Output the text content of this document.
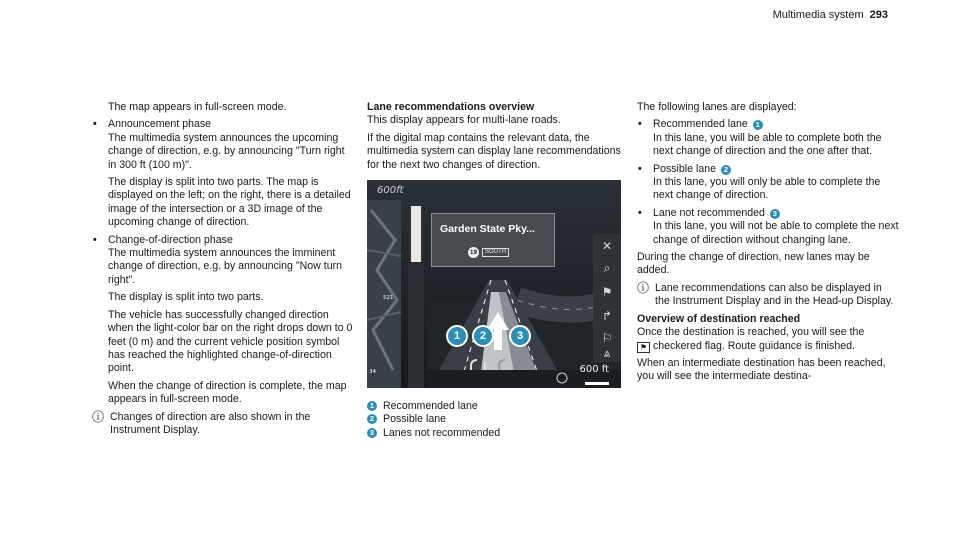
Multimedia system 293

The map appears in full-screen mode.

• Announcement phase

The multimedia system announces the upcoming change of direction, e.g. by announcing "Turn right in 300 ft (100 m)".

The display is split into two parts. The map is displayed on the left; on the right, there is a detailed image of the intersection or a 3D image of the upcoming change of direction.

• Change-of-direction phase

The multimedia system announces the imminent change of direction, e.g. by announcing "Now turn right".

The display is split into two parts.

The vehicle has successfully changed direction when the light-color bar on the right drops down to 0 feet (0 m) and the current vehicle position symbol has reached the highlighted change-of-direction point.

When the change of direction is complete, the map appears in full-screen mode.

ⓘ Changes of direction are also shown in the Instrument Display.

Lane recommendations overview

This display appears for multi-lane roads.

If the digital map contains the relevant data, the multimedia system can display lane recommendations for the next two changes of direction.

600ft
521
34
Garden State Pky...
19	SOUTH	✕
⌕
⚑
↱
⚐
⩓
600 ft
1	2	3
1 Recommended lane
2 Possible lane
3 Lanes not recommended

The following lanes are displayed:

• Recommended lane 1

In this lane, you will be able to complete both the next change of direction and the one after that.

• Possible lane 2

In this lane, you will only be able to complete the next change of direction.

• Lane not recommended 3

In this lane, you will not be able to complete the next change of direction without changing lane.

During the change of direction, new lanes may be added.

ⓘ Lane recommendations can also be displayed in the Instrument Display and in the Head-up Display.

Overview of destination reached

Once the destination is reached, you will see the
⚑ checkered flag. Route guidance is finished.

When an intermediate destination has been reached, you will see the intermediate destina-
